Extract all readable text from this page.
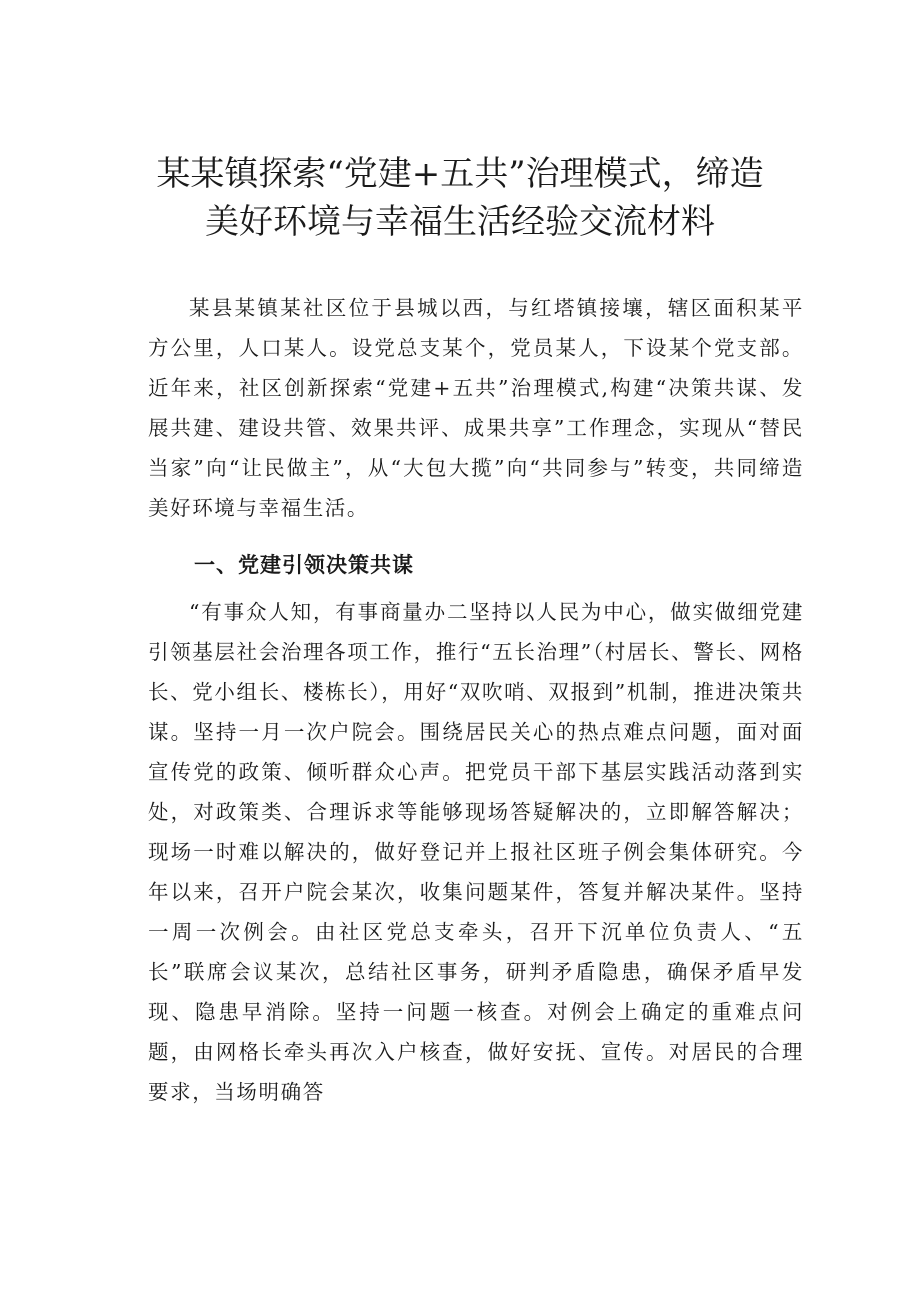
某某镇探索“党建+五共”治理模式，缔造
美好环境与幸福生活经验交流材料

某县某镇某社区位于县城以西，与红塔镇接壤，辖区面积某平方公里，人口某人。设党总支某个，党员某人，下设某个党支部。近年来，社区创新探索“党建+五共”治理模式,构建“决策共谋、发展共建、建设共管、效果共评、成果共享”工作理念，实现从“替民当家”向“让民做主”，从“大包大揽”向“共同参与”转变，共同缔造美好环境与幸福生活。

一、党建引领决策共谋

“有事众人知，有事商量办二坚持以人民为中心，做实做细党建引领基层社会治理各项工作，推行“五长治理”（村居长、警长、网格长、党小组长、楼栋长），用好“双吹哨、双报到”机制，推进决策共谋。坚持一月一次户院会。围绕居民关心的热点难点问题，面对面宣传党的政策、倾听群众心声。把党员干部下基层实践活动落到实处，对政策类、合理诉求等能够现场答疑解决的，立即解答解决；现场一时难以解决的，做好登记并上报社区班子例会集体研究。今年以来，召开户院会某次，收集问题某件，答复并解决某件。坚持一周一次例会。由社区党总支牵头，召开下沉单位负责人、“五长”联席会议某次，总结社区事务，研判矛盾隐患，确保矛盾早发现、隐患早消除。坚持一问题一核查。对例会上确定的重难点问题，由网格长牵头再次入户核查，做好安抚、宣传。对居民的合理要求，当场明确答
